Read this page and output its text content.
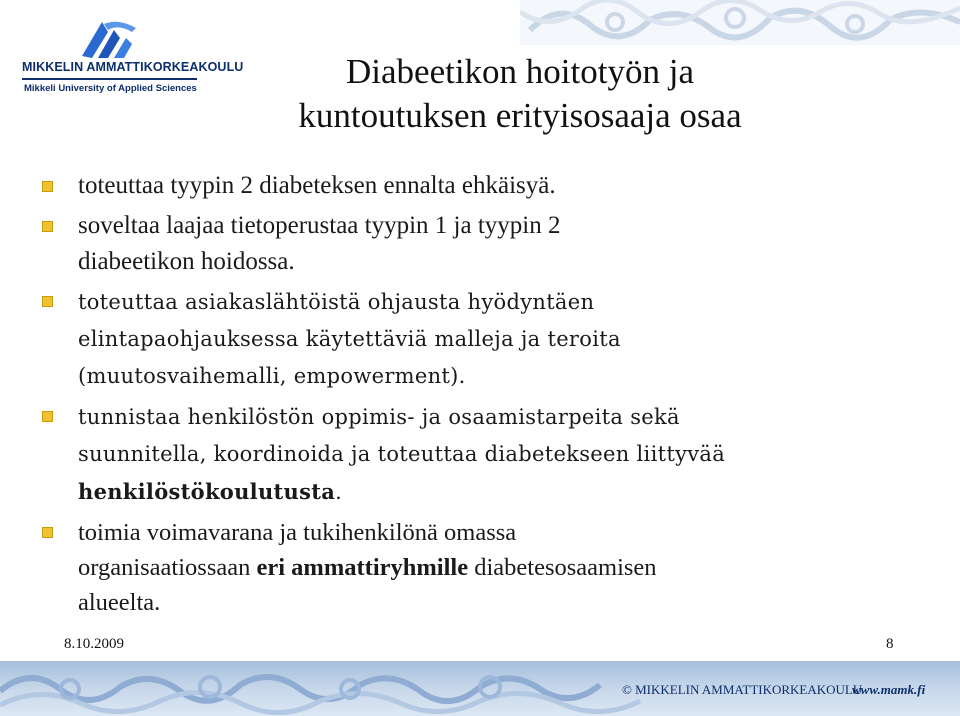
MIKKELIN AMMATTIKORKEAKOULU
Mikkeli University of Applied Sciences	Diabeetikon hoitotyön ja
kuntoutuksen erityisosaaja osaa
toteuttaa tyypin 2 diabeteksen ennalta ehkäisyä.
soveltaa laajaa tietoperustaa tyypin 1 ja tyypin 2
diabeetikon hoidossa.
toteuttaa asiakaslähtöistä ohjausta hyödyntäen
elintapaohjauksessa käytettäviä malleja ja teroita
(muutosvaihemalli, empowerment).
tunnistaa henkilöstön oppimis- ja osaamistarpeita sekä
suunnitella, koordinoida ja toteuttaa diabetekseen liittyvää
henkilöstökoulutusta.
toimia voimavarana ja tukihenkilönä omassa
organisaatiossaan eri ammattiryhmille diabetesosaamisen
alueelta.
8.10.2009	8
© MIKKELIN AMMATTIKORKEAKOULU
www.mamk.fi
